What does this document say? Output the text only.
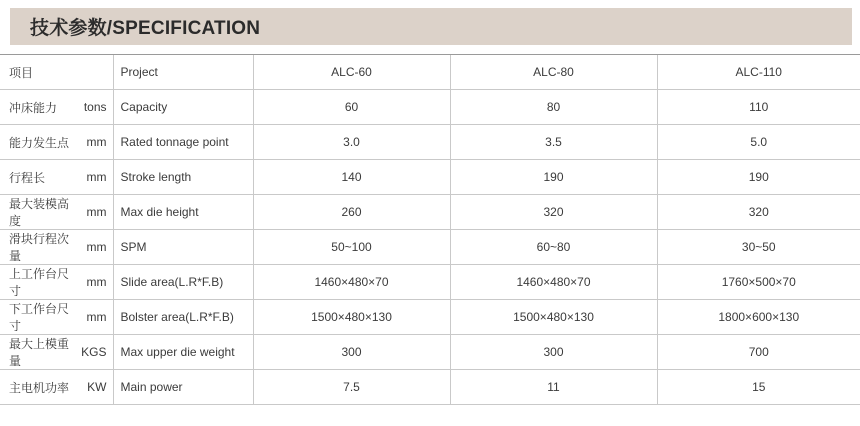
技术参数/SPECIFICATION
项目		Project	ALC-60	ALC-80	ALC-110
冲床能力	tons	Capacity	60	80	110
能力发生点	mm	Rated tonnage point	3.0	3.5	5.0
行程长	mm	Stroke length	140	190	190
最大装模高度	mm	Max die height	260	320	320
滑块行程次量	mm	SPM	50~100	60~80	30~50
上工作台尺寸	mm	Slide area(L.R*F.B)	1460×480×70	1460×480×70	1760×500×70
下工作台尺寸	mm	Bolster area(L.R*F.B)	1500×480×130	1500×480×130	1800×600×130
最大上模重量	KGS	Max upper die weight	300	300	700
主电机功率	KW	Main power	7.5	11	15
